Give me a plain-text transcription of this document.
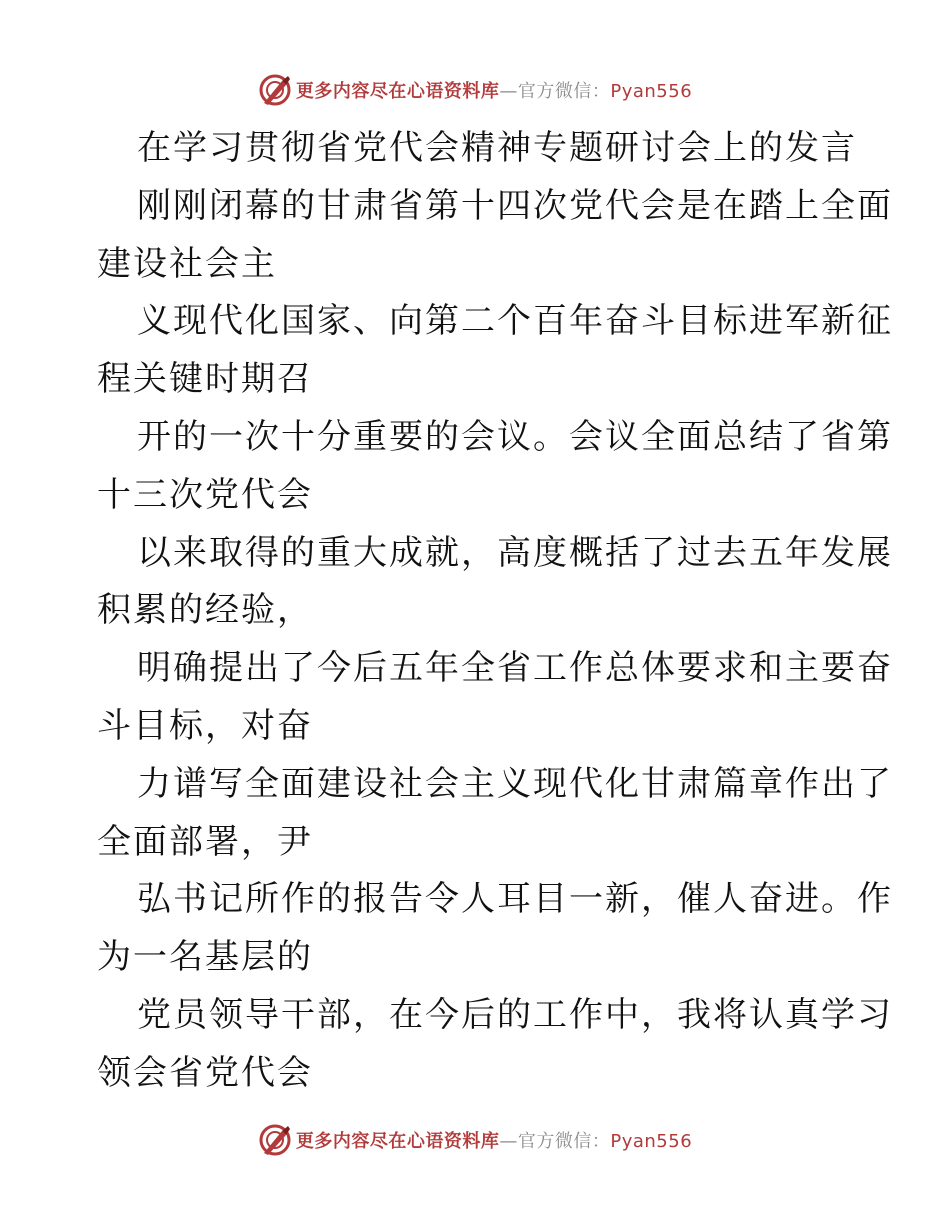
更多内容尽在心语资料库—官方微信：Pyan556
在学习贯彻省党代会精神专题研讨会上的发言
刚刚闭幕的甘肃省第十四次党代会是在踏上全面
建设社会主
义现代化国家、向第二个百年奋斗目标进军新征
程关键时期召
开的一次十分重要的会议。会议全面总结了省第
十三次党代会
以来取得的重大成就，高度概括了过去五年发展
积累的经验，
明确提出了今后五年全省工作总体要求和主要奋
斗目标，对奋
力谱写全面建设社会主义现代化甘肃篇章作出了
全面部署，尹
弘书记所作的报告令人耳目一新，催人奋进。作
为一名基层的
党员领导干部，在今后的工作中，我将认真学习
领会省党代会
更多内容尽在心语资料库—官方微信：Pyan556
